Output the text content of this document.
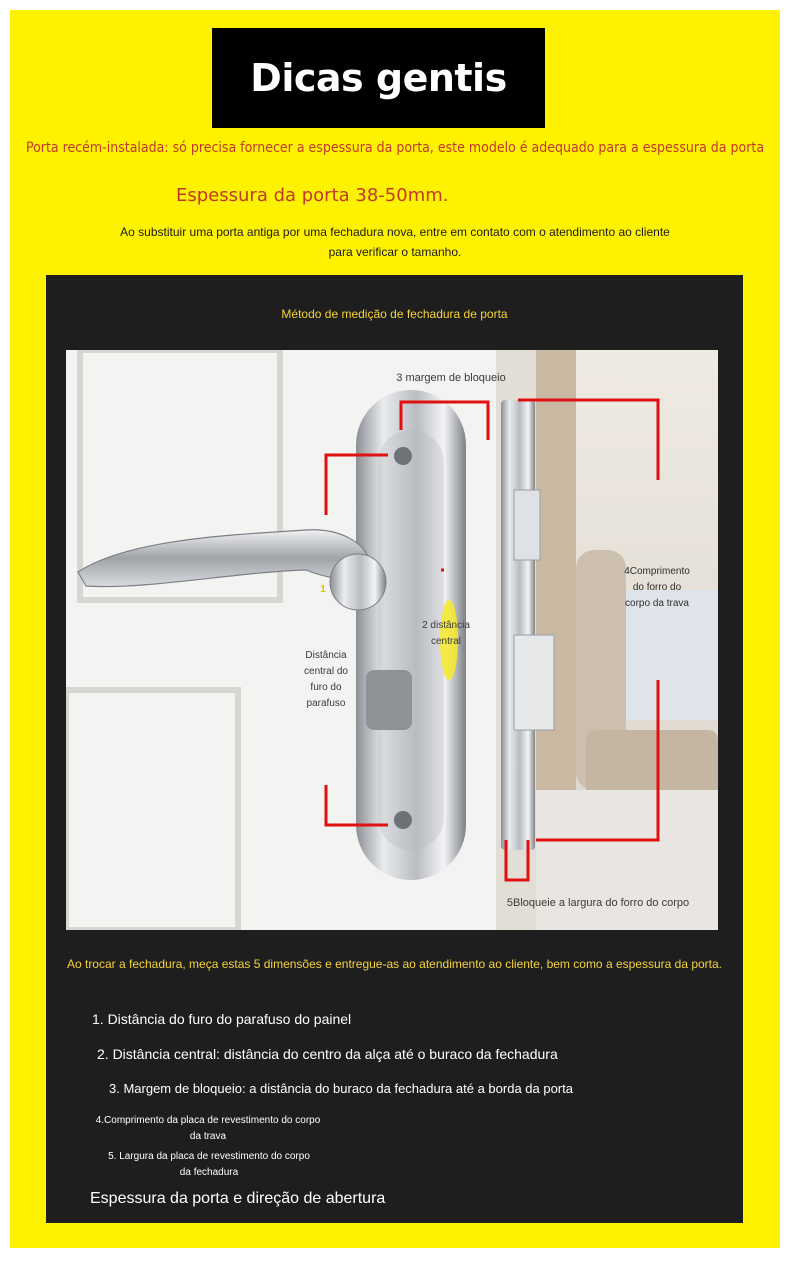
Dicas gentis
Porta recém-instalada: só precisa fornecer a espessura da porta, este modelo é adequado para a espessura da porta
Espessura da porta 38-50mm.
Ao substituir uma porta antiga por uma fechadura nova, entre em contato com o atendimento ao cliente para verificar o tamanho.
Método de medição de fechadura de porta
3 margem de bloqueio
2 distância central
Distância central do furo do parafuso
4Comprimento do forro do corpo da trava
5Bloqueie a largura do forro do corpo
1
Ao trocar a fechadura, meça estas 5 dimensões e entregue-as ao atendimento ao cliente, bem como a espessura da porta.
1. Distância do furo do parafuso do painel
2. Distância central: distância do centro da alça até o buraco da fechadura
3. Margem de bloqueio: a distância do buraco da fechadura até a borda da porta
4.Comprimento da placa de revestimento do corpo da trava
5. Largura da placa de revestimento do corpo da fechadura
Espessura da porta e direção de abertura
